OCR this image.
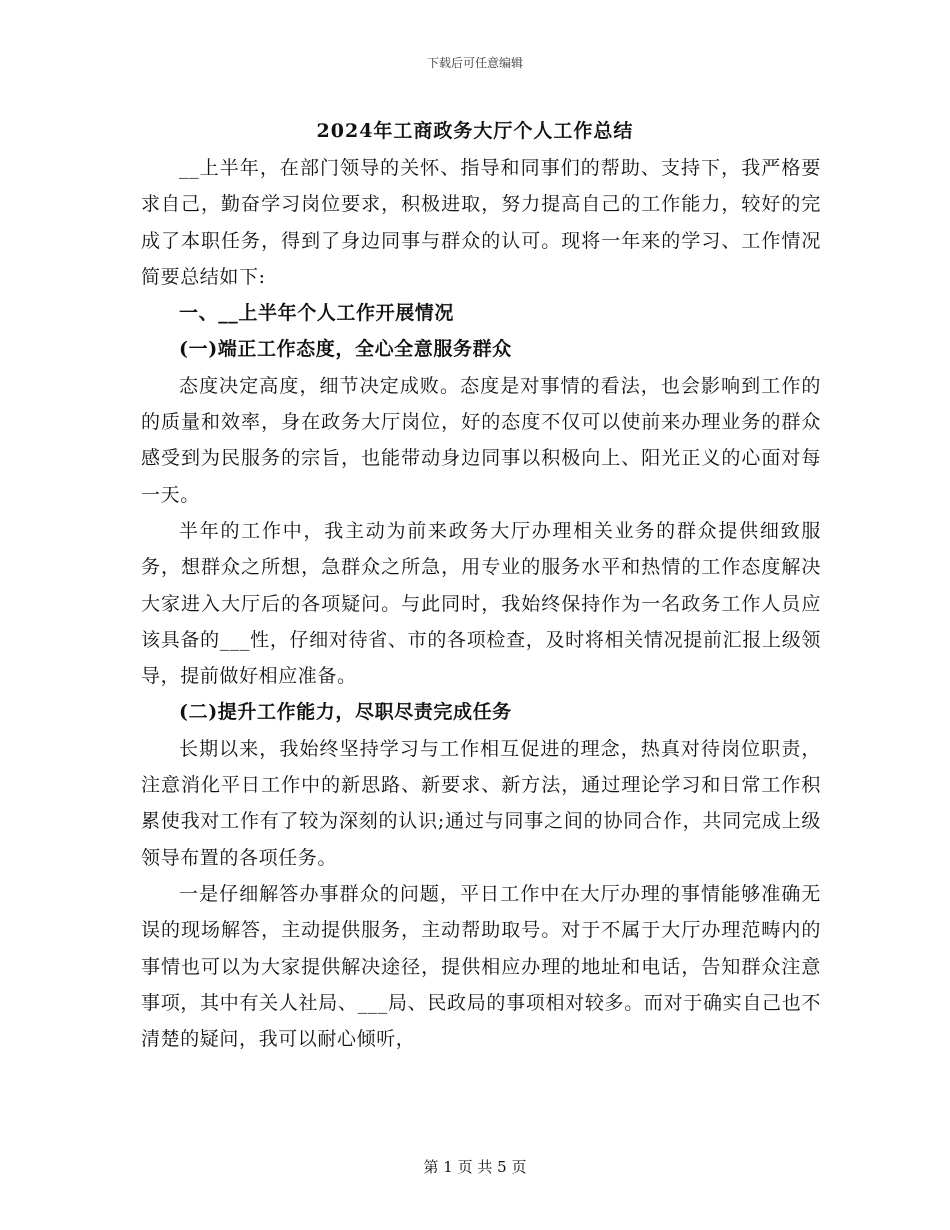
下载后可任意编辑
2024年工商政务大厅个人工作总结

__上半年，在部门领导的关怀、指导和同事们的帮助、支持下，我严格要求自己，勤奋学习岗位要求，积极进取，努力提高自己的工作能力，较好的完成了本职任务，得到了身边同事与群众的认可。现将一年来的学习、工作情况简要总结如下:

一、__上半年个人工作开展情况

(一)端正工作态度，全心全意服务群众

态度决定高度，细节决定成败。态度是对事情的看法，也会影响到工作的的质量和效率，身在政务大厅岗位，好的态度不仅可以使前来办理业务的群众感受到为民服务的宗旨，也能带动身边同事以积极向上、阳光正义的心面对每一天。

半年的工作中，我主动为前来政务大厅办理相关业务的群众提供细致服务，想群众之所想，急群众之所急，用专业的服务水平和热情的工作态度解决大家进入大厅后的各项疑问。与此同时，我始终保持作为一名政务工作人员应该具备的___性，仔细对待省、市的各项检查，及时将相关情况提前汇报上级领导，提前做好相应准备。

(二)提升工作能力，尽职尽责完成任务

长期以来，我始终坚持学习与工作相互促进的理念，热真对待岗位职责，注意消化平日工作中的新思路、新要求、新方法，通过理论学习和日常工作积累使我对工作有了较为深刻的认识;通过与同事之间的协同合作，共同完成上级领导布置的各项任务。

一是仔细解答办事群众的问题，平日工作中在大厅办理的事情能够准确无误的现场解答，主动提供服务，主动帮助取号。对于不属于大厅办理范畴内的事情也可以为大家提供解决途径，提供相应办理的地址和电话，告知群众注意事项，其中有关人社局、___局、民政局的事项相对较多。而对于确实自己也不清楚的疑问，我可以耐心倾听，

第 1 页 共 5 页
